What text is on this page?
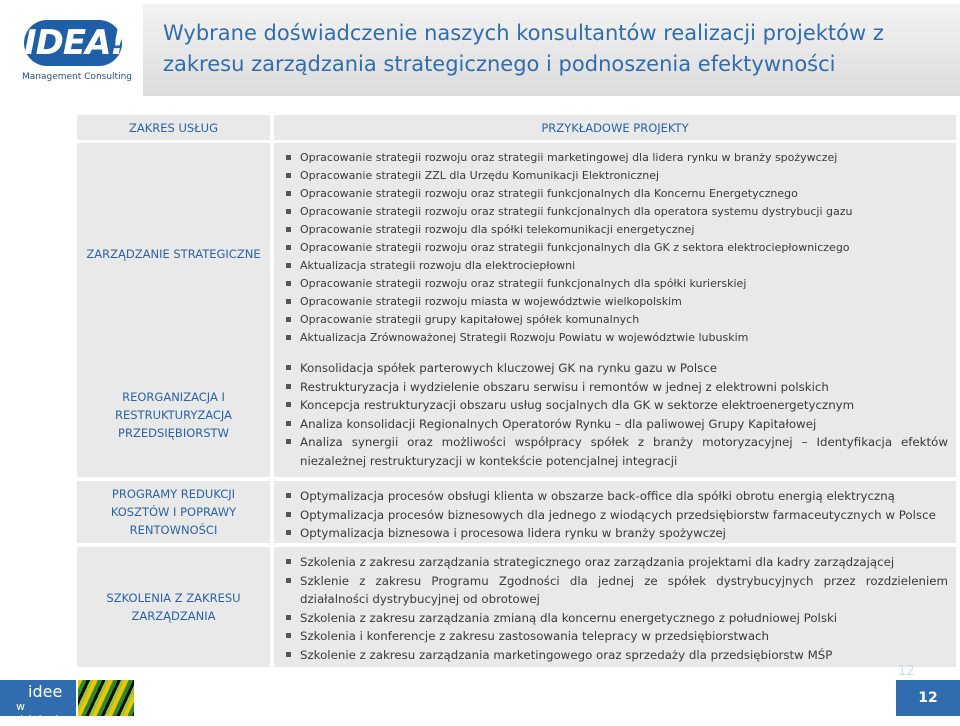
IDEA!
Management Consulting
Wybrane doświadczenie naszych konsultantów realizacji projektów z zakresu zarządzania strategicznego i podnoszenia efektywności
ZAKRES USŁUG	PRZYKŁADOWE PROJEKTY
ZARZĄDZANIE STRATEGICZNE
Opracowanie strategii rozwoju oraz strategii marketingowej dla lidera rynku w branży spożywczej
Opracowanie strategii ZZL dla Urzędu Komunikacji Elektronicznej
Opracowanie strategii rozwoju oraz strategii funkcjonalnych dla Koncernu Energetycznego
Opracowanie strategii rozwoju oraz strategii funkcjonalnych dla operatora systemu dystrybucji gazu
Opracowanie strategii rozwoju dla spółki telekomunikacji energetycznej
Opracowanie strategii rozwoju oraz strategii funkcjonalnych dla GK z sektora elektrociepłowniczego
Aktualizacja strategii rozwoju dla elektrociepłowni
Opracowanie strategii rozwoju oraz strategii funkcjonalnych dla spółki kurierskiej
Opracowanie strategii rozwoju miasta w województwie wielkopolskim
Opracowanie strategii grupy kapitałowej spółek komunalnych
Aktualizacja Zrównoważonej Strategii Rozwoju Powiatu w województwie lubuskim
REORGANIZACJA I RESTRUKTURYZACJA PRZEDSIĘBIORSTW
Konsolidacja spółek parterowych kluczowej GK na rynku gazu w Polsce
Restrukturyzacja i wydzielenie obszaru serwisu i remontów w jednej z elektrowni polskich
Koncepcja restrukturyzacji obszaru usług socjalnych dla GK w sektorze elektroenergetycznym
Analiza konsolidacji Regionalnych Operatorów Rynku – dla paliwowej Grupy Kapitałowej
Analiza synergii oraz możliwości współpracy spółek z branży motoryzacyjnej – Identyfikacja efektów niezależnej restrukturyzacji w kontekście potencjalnej integracji
PROGRAMY REDUKCJI KOSZTÓW I POPRAWY RENTOWNOŚCI
Optymalizacja procesów obsługi klienta w obszarze back-office dla spółki obrotu energią elektryczną
Optymalizacja procesów biznesowych dla jednego z wiodących przedsiębiorstw farmaceutycznych w Polsce
Optymalizacja biznesowa i procesowa lidera rynku w branży spożywczej
SZKOLENIA Z ZAKRESU ZARZĄDZANIA
Szkolenia z zakresu zarządzania strategicznego oraz zarządzania projektami dla kadry zarządzającej
Szklenie z zakresu Programu Zgodności dla jednej ze spółek dystrybucyjnych przez rozdzieleniem działalności dystrybucyjnej od obrotowej
Szkolenia z zakresu zarządzania zmianą dla koncernu energetycznego z południowej Polski
Szkolenia i konferencje z zakresu zastosowania telepracy w przedsiębiorstwach
Szkolenie z zakresu zarządzania marketingowego oraz sprzedaży dla przedsiębiorstw MŚP
idee
w działaniu
12
12
